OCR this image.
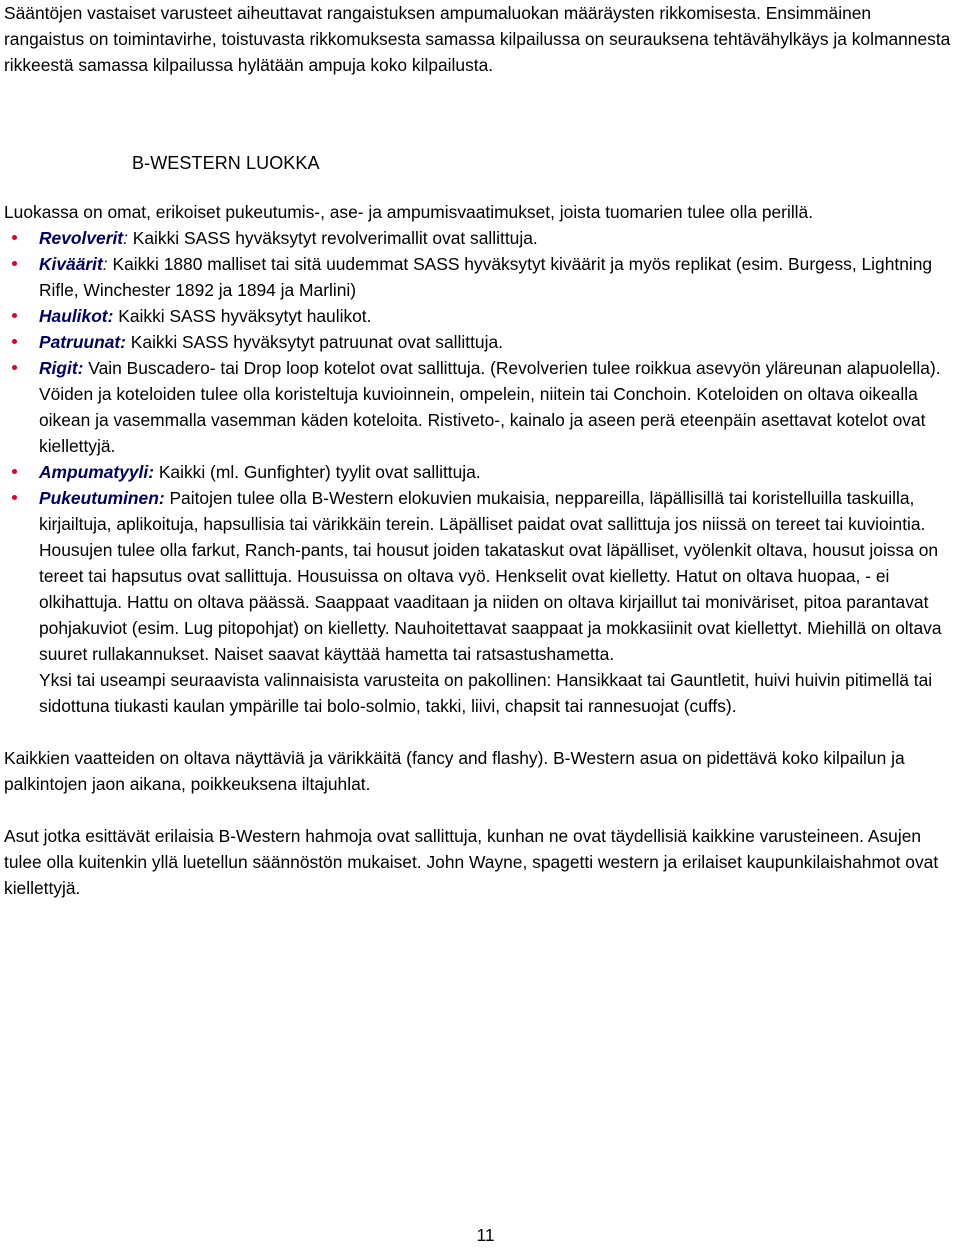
Sääntöjen vastaiset varusteet aiheuttavat rangaistuksen ampumaluokan määräysten rikkomisesta. Ensimmäinen rangaistus on toimintavirhe, toistuvasta rikkomuksesta samassa kilpailussa on seurauksena tehtävähylkäys ja kolmannesta rikkeestä samassa kilpailussa hylätään ampuja koko kilpailusta.

B-WESTERN LUOKKA

Luokassa on omat, erikoiset pukeutumis-, ase- ja ampumisvaatimukset, joista tuomarien tulee olla perillä.

Revolverit: Kaikki SASS hyväksytyt revolverimallit ovat sallittuja.
Kiväärit: Kaikki 1880 malliset tai sitä uudemmat SASS hyväksytyt kiväärit ja myös replikat (esim. Burgess, Lightning Rifle, Winchester 1892 ja 1894 ja Marlini)
Haulikot: Kaikki SASS hyväksytyt haulikot.
Patruunat: Kaikki SASS hyväksytyt patruunat ovat sallittuja.
Rigit: Vain Buscadero- tai Drop loop kotelot ovat sallittuja. (Revolverien tulee roikkua asevyön yläreunan alapuolella). Vöiden ja koteloiden tulee olla koristeltuja kuvioinnein, ompelein, niitein tai Conchoin. Koteloiden on oltava oikealla oikean ja vasemmalla vasemman käden koteloita. Ristiveto-, kainalo ja aseen perä eteenpäin asettavat kotelot ovat kiellettyjä.
Ampumatyyli: Kaikki (ml. Gunfighter) tyylit ovat sallittuja.
Pukeutuminen: Paitojen tulee olla B-Western elokuvien mukaisia, neppareilla, läpällisillä tai koristelluilla taskuilla, kirjailtuja, aplikoituja, hapsullisia tai värikkäin terein. Läpälliset paidat ovat sallittuja jos niissä on tereet tai kuviointia. Housujen tulee olla farkut, Ranch-pants, tai housut joiden takataskut ovat läpälliset, vyölenkit oltava, housut joissa on tereet tai hapsutus ovat sallittuja. Housuissa on oltava vyö. Henkselit ovat kielletty. Hatut on oltava huopaa, - ei olkihattuja. Hattu on oltava päässä. Saappaat vaaditaan ja niiden on oltava kirjaillut tai moniväriset, pitoa parantavat pohjakuviot (esim. Lug pitopohjat) on kielletty. Nauhoitettavat saappaat ja mokkasiinit ovat kiellettyt. Miehillä on oltava suuret rullakannukset. Naiset saavat käyttää hametta tai ratsastushametta.

Yksi tai useampi seuraavista valinnaisista varusteita on pakollinen: Hansikkaat tai Gauntletit, huivi huivin pitimellä tai sidottuna tiukasti kaulan ympärille tai bolo-solmio, takki, liivi, chapsit tai rannesuojat (cuffs).

Kaikkien vaatteiden on oltava näyttäviä ja värikkäitä (fancy and flashy). B-Western asua on pidettävä koko kilpailun ja palkintojen jaon aikana, poikkeuksena iltajuhlat.

Asut jotka esittävät erilaisia B-Western hahmoja ovat sallittuja, kunhan ne ovat täydellisiä kaikkine varusteineen. Asujen tulee olla kuitenkin yllä luetellun säännöstön mukaiset. John Wayne, spagetti western ja erilaiset kaupunkilaishahmot ovat kiellettyjä.

11
